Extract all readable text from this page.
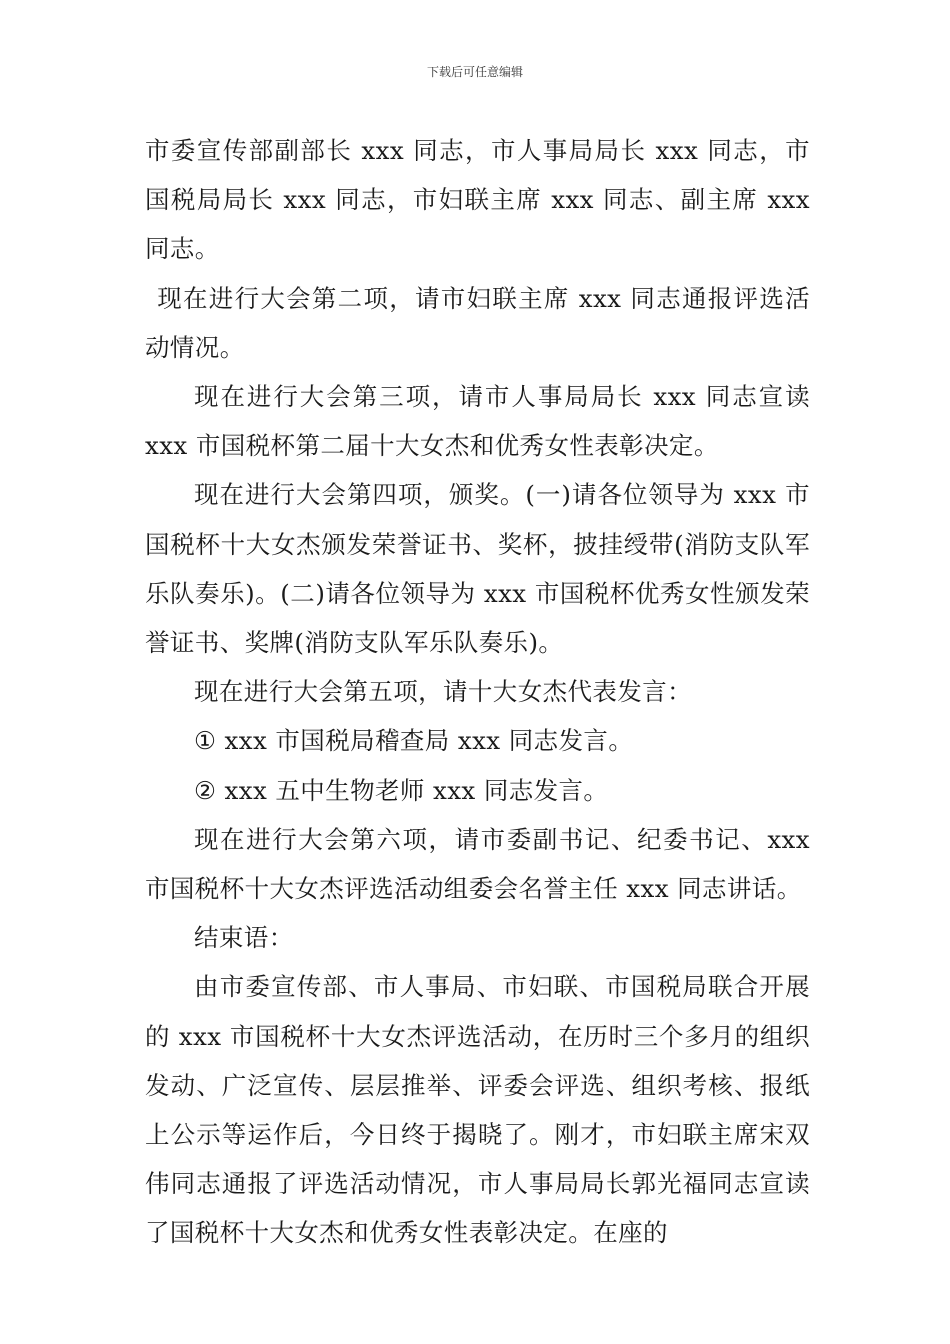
下载后可任意编辑

市委宣传部副部长 xxx 同志，市人事局局长 xxx 同志，市国税局局长 xxx 同志，市妇联主席 xxx 同志、副主席 xxx 同志。

现在进行大会第二项，请市妇联主席 xxx 同志通报评选活动情况。

现在进行大会第三项，请市人事局局长 xxx 同志宣读 xxx 市国税杯第二届十大女杰和优秀女性表彰决定。

现在进行大会第四项，颁奖。(一)请各位领导为 xxx 市国税杯十大女杰颁发荣誉证书、奖杯，披挂绶带(消防支队军乐队奏乐)。(二)请各位领导为 xxx 市国税杯优秀女性颁发荣誉证书、奖牌(消防支队军乐队奏乐)。

现在进行大会第五项，请十大女杰代表发言：

① xxx 市国税局稽查局 xxx 同志发言。

② xxx 五中生物老师 xxx 同志发言。

现在进行大会第六项，请市委副书记、纪委书记、xxx 市国税杯十大女杰评选活动组委会名誉主任 xxx 同志讲话。

结束语：

由市委宣传部、市人事局、市妇联、市国税局联合开展的 xxx 市国税杯十大女杰评选活动，在历时三个多月的组织发动、广泛宣传、层层推举、评委会评选、组织考核、报纸上公示等运作后，今日终于揭晓了。刚才，市妇联主席宋双伟同志通报了评选活动情况，市人事局局长郭光福同志宣读了国税杯十大女杰和优秀女性表彰决定。在座的
